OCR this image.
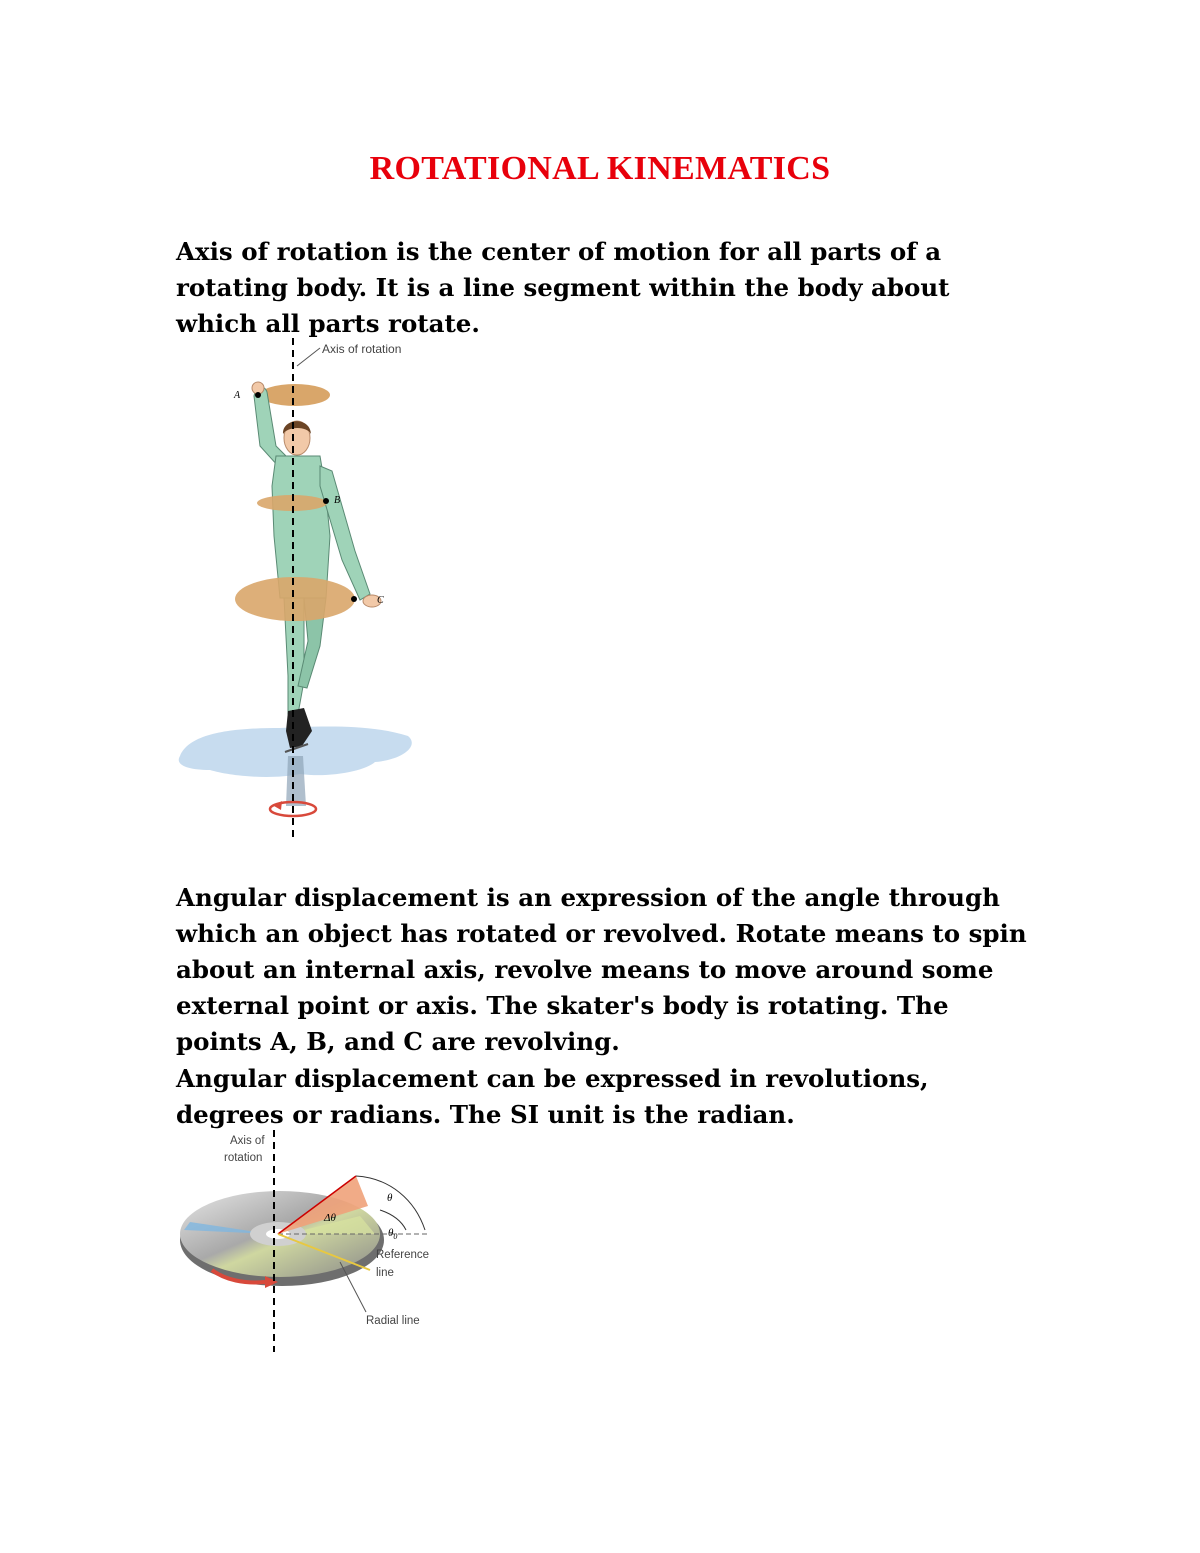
ROTATIONAL KINEMATICS

Axis of rotation is the center of motion for all parts of a rotating body. It is a line segment within the body about which all parts rotate.

Axis of rotation
A
B
C

Angular displacement is an expression of the angle through which an object has rotated or revolved. Rotate means to spin about an internal axis, revolve means to move around some external point or axis. The skater's body is rotating. The points A, B, and C are revolving.

Angular displacement can be expressed in revolutions, degrees or radians. The SI unit is the radian.

Axis of
rotation
θ
Δθ
$\theta_0$
Reference
line
Radial line
